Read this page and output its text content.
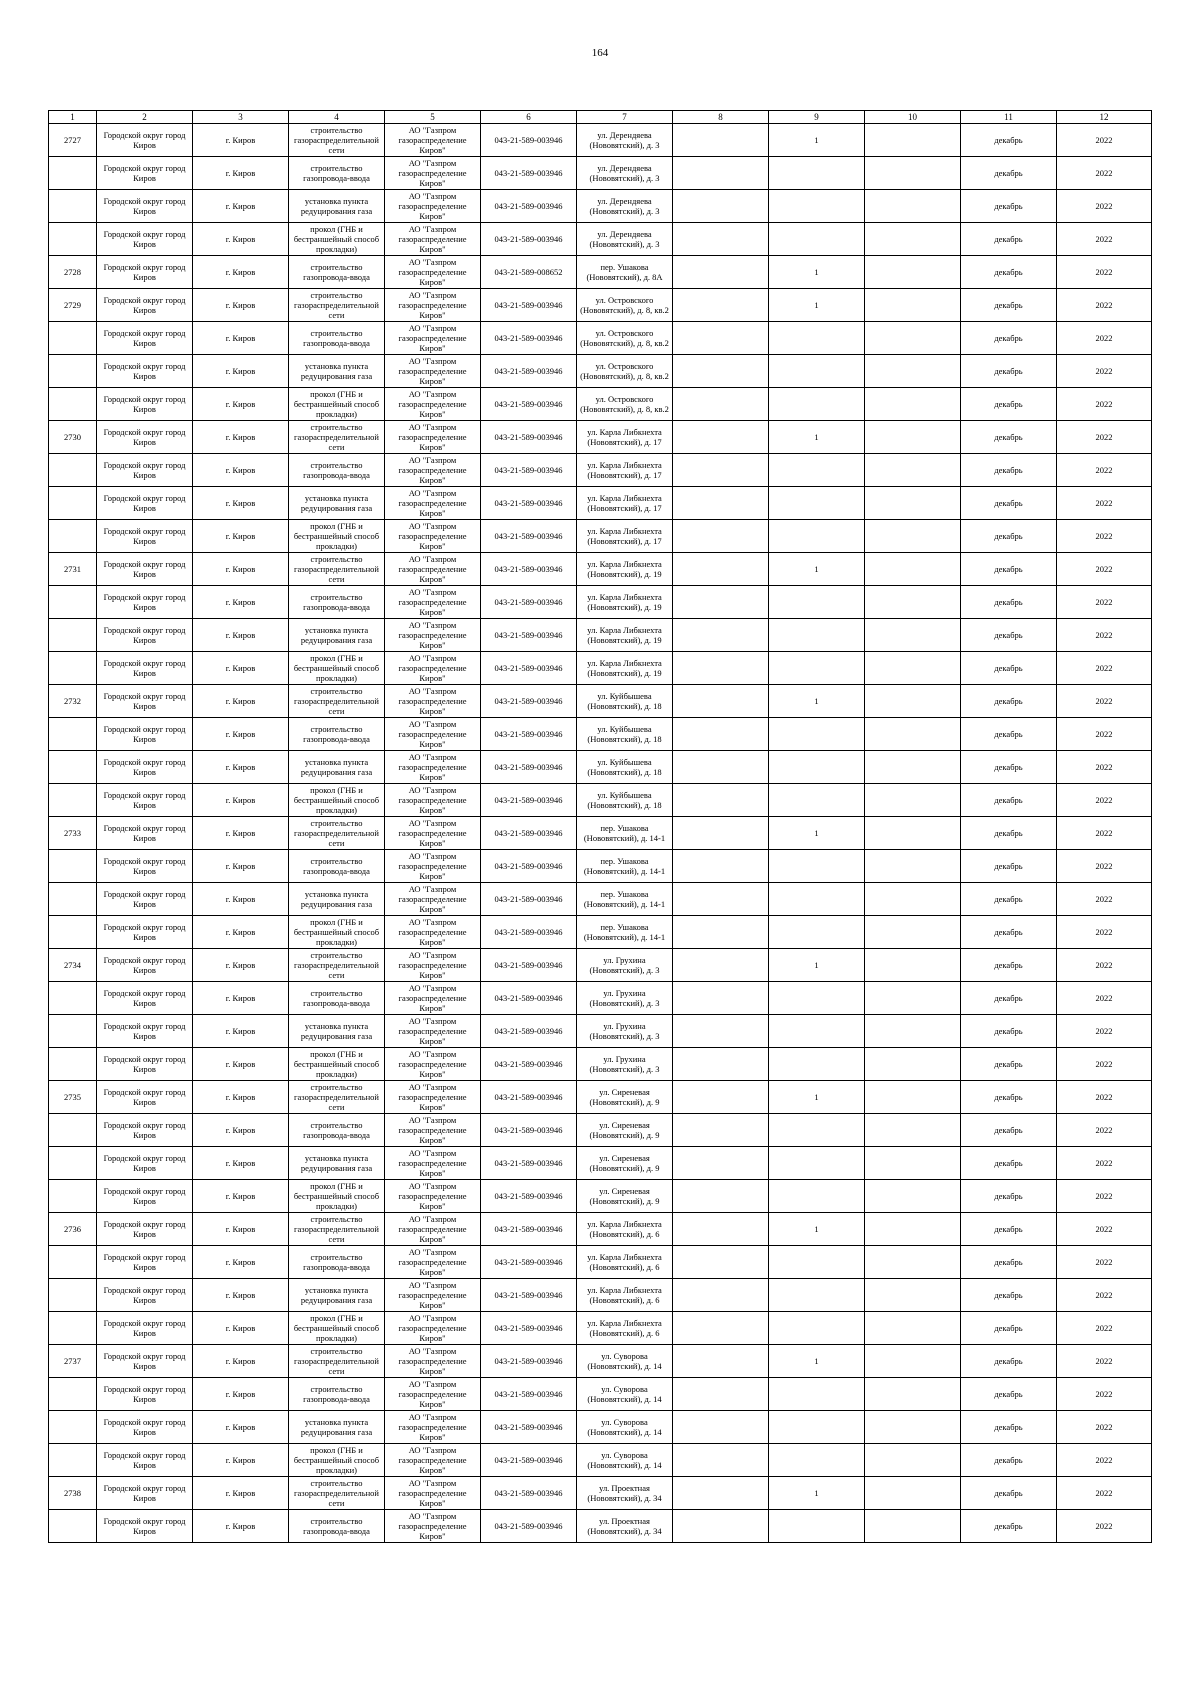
164
1	2	3	4	5	6	7	8	9	10	11	12

2727	Городской округ город Киров	г. Киров	строительство газораспределительной сети	АО "Газпром газораспределение Киров"	043-21-589-003946	ул. Дерендяева (Нововятский), д. 3		1		декабрь	2022

	Городской округ город Киров	г. Киров	строительство газопровода-ввода	АО "Газпром газораспределение Киров"	043-21-589-003946	ул. Дерендяева (Нововятский), д. 3				декабрь	2022

	Городской округ город Киров	г. Киров	установка пункта редуцирования газа	АО "Газпром газораспределение Киров"	043-21-589-003946	ул. Дерендяева (Нововятский), д. 3				декабрь	2022

	Городской округ город Киров	г. Киров	прокол (ГНБ и бестраншейный способ прокладки)	АО "Газпром газораспределение Киров"	043-21-589-003946	ул. Дерендяева (Нововятский), д. 3				декабрь	2022

2728	Городской округ город Киров	г. Киров	строительство газопровода-ввода	АО "Газпром газораспределение Киров"	043-21-589-008652	пер. Ушакова (Нововятский), д. 8А		1		декабрь	2022

2729	Городской округ город Киров	г. Киров	строительство газораспределительной сети	АО "Газпром газораспределение Киров"	043-21-589-003946	ул. Островского (Нововятский), д. 8, кв.2		1		декабрь	2022

	Городской округ город Киров	г. Киров	строительство газопровода-ввода	АО "Газпром газораспределение Киров"	043-21-589-003946	ул. Островского (Нововятский), д. 8, кв.2				декабрь	2022

	Городской округ город Киров	г. Киров	установка пункта редуцирования газа	АО "Газпром газораспределение Киров"	043-21-589-003946	ул. Островского (Нововятский), д. 8, кв.2				декабрь	2022

	Городской округ город Киров	г. Киров	прокол (ГНБ и бестраншейный способ прокладки)	АО "Газпром газораспределение Киров"	043-21-589-003946	ул. Островского (Нововятский), д. 8, кв.2				декабрь	2022

2730	Городской округ город Киров	г. Киров	строительство газораспределительной сети	АО "Газпром газораспределение Киров"	043-21-589-003946	ул. Карла Либкнехта (Нововятский), д. 17		1		декабрь	2022

	Городской округ город Киров	г. Киров	строительство газопровода-ввода	АО "Газпром газораспределение Киров"	043-21-589-003946	ул. Карла Либкнехта (Нововятский), д. 17				декабрь	2022

	Городской округ город Киров	г. Киров	установка пункта редуцирования газа	АО "Газпром газораспределение Киров"	043-21-589-003946	ул. Карла Либкнехта (Нововятский), д. 17				декабрь	2022

	Городской округ город Киров	г. Киров	прокол (ГНБ и бестраншейный способ прокладки)	АО "Газпром газораспределение Киров"	043-21-589-003946	ул. Карла Либкнехта (Нововятский), д. 17				декабрь	2022

2731	Городской округ город Киров	г. Киров	строительство газораспределительной сети	АО "Газпром газораспределение Киров"	043-21-589-003946	ул. Карла Либкнехта (Нововятский), д. 19		1		декабрь	2022

	Городской округ город Киров	г. Киров	строительство газопровода-ввода	АО "Газпром газораспределение Киров"	043-21-589-003946	ул. Карла Либкнехта (Нововятский), д. 19				декабрь	2022

	Городской округ город Киров	г. Киров	установка пункта редуцирования газа	АО "Газпром газораспределение Киров"	043-21-589-003946	ул. Карла Либкнехта (Нововятский), д. 19				декабрь	2022

	Городской округ город Киров	г. Киров	прокол (ГНБ и бестраншейный способ прокладки)	АО "Газпром газораспределение Киров"	043-21-589-003946	ул. Карла Либкнехта (Нововятский), д. 19				декабрь	2022

2732	Городской округ город Киров	г. Киров	строительство газораспределительной сети	АО "Газпром газораспределение Киров"	043-21-589-003946	ул. Куйбышева (Нововятский), д. 18		1		декабрь	2022

	Городской округ город Киров	г. Киров	строительство газопровода-ввода	АО "Газпром газораспределение Киров"	043-21-589-003946	ул. Куйбышева (Нововятский), д. 18				декабрь	2022

	Городской округ город Киров	г. Киров	установка пункта редуцирования газа	АО "Газпром газораспределение Киров"	043-21-589-003946	ул. Куйбышева (Нововятский), д. 18				декабрь	2022

	Городской округ город Киров	г. Киров	прокол (ГНБ и бестраншейный способ прокладки)	АО "Газпром газораспределение Киров"	043-21-589-003946	ул. Куйбышева (Нововятский), д. 18				декабрь	2022

2733	Городской округ город Киров	г. Киров	строительство газораспределительной сети	АО "Газпром газораспределение Киров"	043-21-589-003946	пер. Ушакова (Нововятский), д. 14-1		1		декабрь	2022

	Городской округ город Киров	г. Киров	строительство газопровода-ввода	АО "Газпром газораспределение Киров"	043-21-589-003946	пер. Ушакова (Нововятский), д. 14-1				декабрь	2022

	Городской округ город Киров	г. Киров	установка пункта редуцирования газа	АО "Газпром газораспределение Киров"	043-21-589-003946	пер. Ушакова (Нововятский), д. 14-1				декабрь	2022

	Городской округ город Киров	г. Киров	прокол (ГНБ и бестраншейный способ прокладки)	АО "Газпром газораспределение Киров"	043-21-589-003946	пер. Ушакова (Нововятский), д. 14-1				декабрь	2022

2734	Городской округ город Киров	г. Киров	строительство газораспределительной сети	АО "Газпром газораспределение Киров"	043-21-589-003946	ул. Грухина (Нововятский), д. 3		1		декабрь	2022

	Городской округ город Киров	г. Киров	строительство газопровода-ввода	АО "Газпром газораспределение Киров"	043-21-589-003946	ул. Грухина (Нововятский), д. 3				декабрь	2022

	Городской округ город Киров	г. Киров	установка пункта редуцирования газа	АО "Газпром газораспределение Киров"	043-21-589-003946	ул. Грухина (Нововятский), д. 3				декабрь	2022

	Городской округ город Киров	г. Киров	прокол (ГНБ и бестраншейный способ прокладки)	АО "Газпром газораспределение Киров"	043-21-589-003946	ул. Грухина (Нововятский), д. 3				декабрь	2022

2735	Городской округ город Киров	г. Киров	строительство газораспределительной сети	АО "Газпром газораспределение Киров"	043-21-589-003946	ул. Сиреневая (Нововятский), д. 9		1		декабрь	2022

	Городской округ город Киров	г. Киров	строительство газопровода-ввода	АО "Газпром газораспределение Киров"	043-21-589-003946	ул. Сиреневая (Нововятский), д. 9				декабрь	2022

	Городской округ город Киров	г. Киров	установка пункта редуцирования газа	АО "Газпром газораспределение Киров"	043-21-589-003946	ул. Сиреневая (Нововятский), д. 9				декабрь	2022

	Городской округ город Киров	г. Киров	прокол (ГНБ и бестраншейный способ прокладки)	АО "Газпром газораспределение Киров"	043-21-589-003946	ул. Сиреневая (Нововятский), д. 9				декабрь	2022

2736	Городской округ город Киров	г. Киров	строительство газораспределительной сети	АО "Газпром газораспределение Киров"	043-21-589-003946	ул. Карла Либкнехта (Нововятский), д. 6		1		декабрь	2022

	Городской округ город Киров	г. Киров	строительство газопровода-ввода	АО "Газпром газораспределение Киров"	043-21-589-003946	ул. Карла Либкнехта (Нововятский), д. 6				декабрь	2022

	Городской округ город Киров	г. Киров	установка пункта редуцирования газа	АО "Газпром газораспределение Киров"	043-21-589-003946	ул. Карла Либкнехта (Нововятский), д. 6				декабрь	2022

	Городской округ город Киров	г. Киров	прокол (ГНБ и бестраншейный способ прокладки)	АО "Газпром газораспределение Киров"	043-21-589-003946	ул. Карла Либкнехта (Нововятский), д. 6				декабрь	2022

2737	Городской округ город Киров	г. Киров	строительство газораспределительной сети	АО "Газпром газораспределение Киров"	043-21-589-003946	ул. Суворова (Нововятский), д. 14		1		декабрь	2022

	Городской округ город Киров	г. Киров	строительство газопровода-ввода	АО "Газпром газораспределение Киров"	043-21-589-003946	ул. Суворова (Нововятский), д. 14				декабрь	2022

	Городской округ город Киров	г. Киров	установка пункта редуцирования газа	АО "Газпром газораспределение Киров"	043-21-589-003946	ул. Суворова (Нововятский), д. 14				декабрь	2022

	Городской округ город Киров	г. Киров	прокол (ГНБ и бестраншейный способ прокладки)	АО "Газпром газораспределение Киров"	043-21-589-003946	ул. Суворова (Нововятский), д. 14				декабрь	2022

2738	Городской округ город Киров	г. Киров	строительство газораспределительной сети	АО "Газпром газораспределение Киров"	043-21-589-003946	ул. Проектная (Нововятский), д. 34		1		декабрь	2022

	Городской округ город Киров	г. Киров	строительство газопровода-ввода	АО "Газпром газораспределение Киров"	043-21-589-003946	ул. Проектная (Нововятский), д. 34				декабрь	2022
